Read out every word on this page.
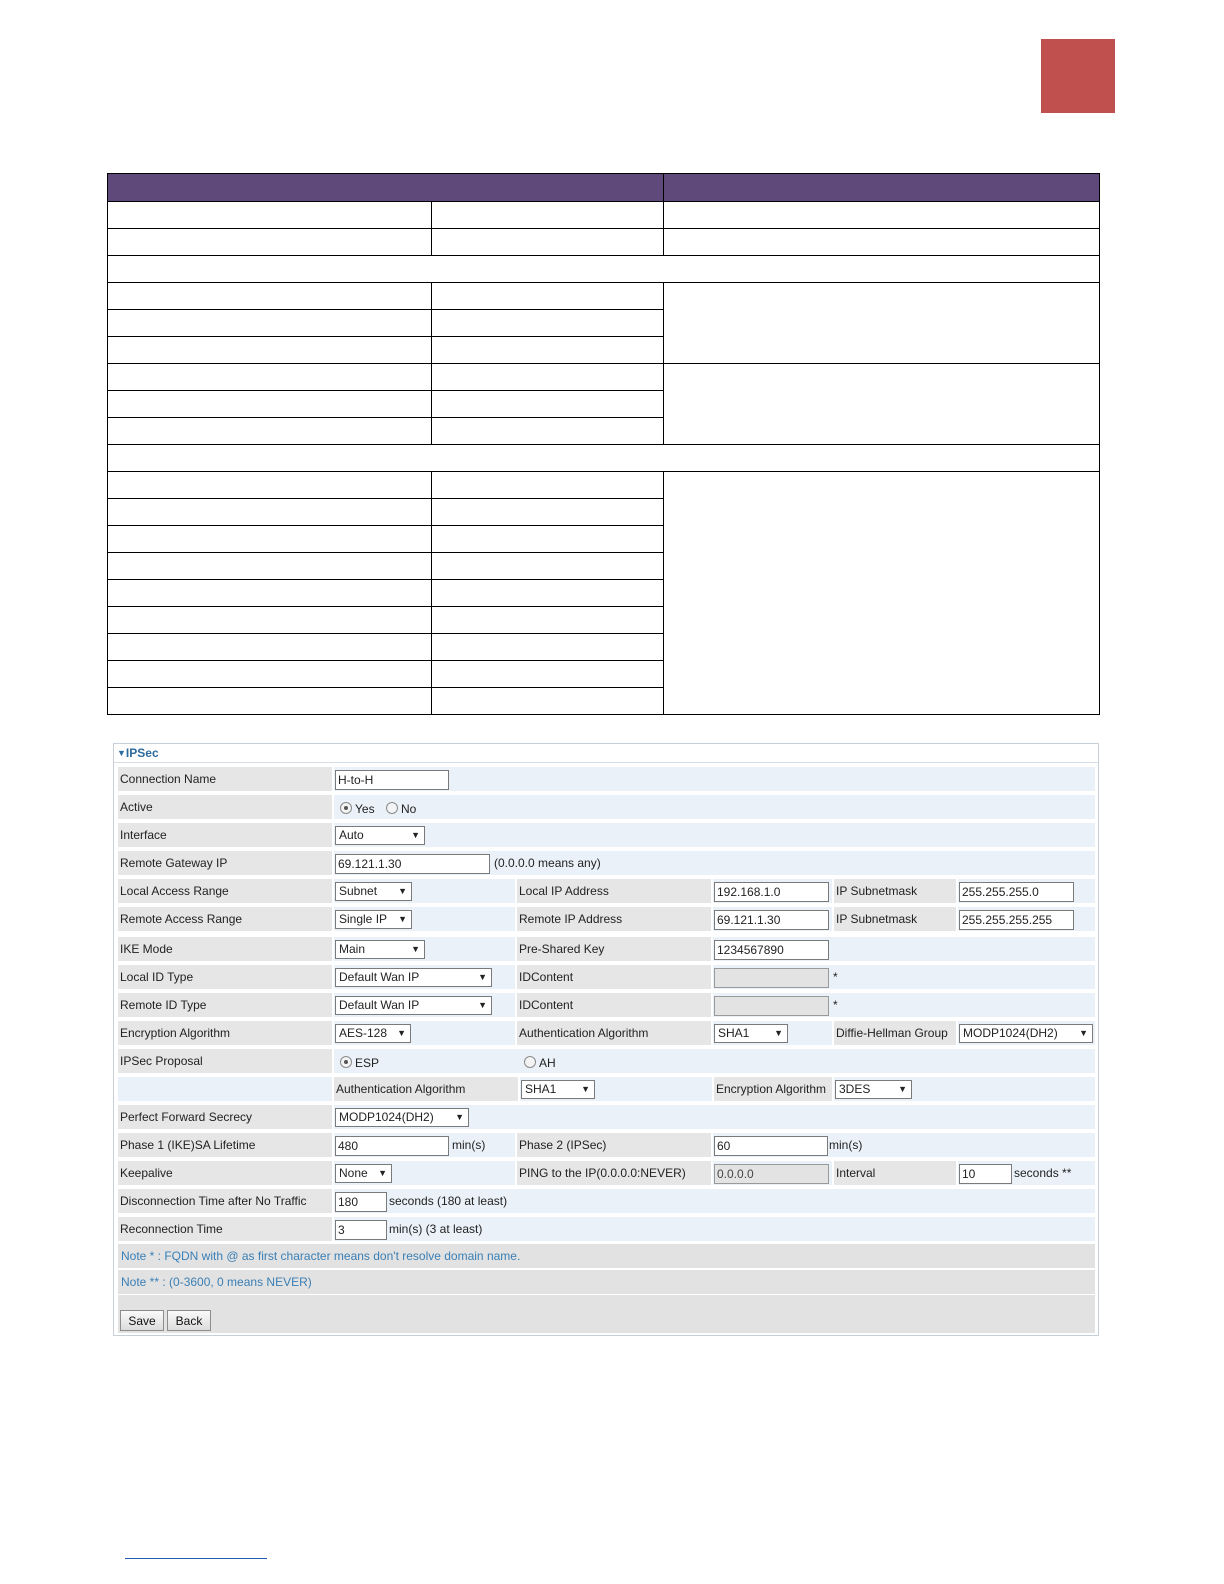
▼IPSec
Connection Name	H-to-H
Active	Yes	No
Interface	Auto	▼
Remote Gateway IP	69.121.1.30	(0.0.0.0 means any)
Local Access Range	Subnet ▼	Local IP Address	192.168.1.0	IP Subnetmask	255.255.255.0
Remote Access Range	Single IP ▼	Remote IP Address	69.121.1.30	IP Subnetmask	255.255.255.255
IKE Mode	Main	▼	Pre-Shared Key	1234567890
Local ID Type	Default Wan IP	▼	IDContent	*
Remote ID Type	Default Wan IP	▼	IDContent	*
Encryption Algorithm	AES-128 ▼	Authentication Algorithm	SHA1	▼	Diffie-Hellman Group	MODP1024(DH2) ▼
IPSec Proposal	ESP	AH
Authentication Algorithm	SHA1	▼	Encryption Algorithm	3DES	▼
Perfect Forward Secrecy	MODP1024(DH2) ▼
Phase 1 (IKE)SA Lifetime	480	min(s)	Phase 2 (IPSec)	60	min(s)
Keepalive	None ▼	PING to the IP(0.0.0.0:NEVER)	0.0.0.0	Interval	10	seconds **
Disconnection Time after No Traffic	180	seconds (180 at least)
Reconnection Time	3	min(s) (3 at least)
Note * : FQDN with @ as first character means don't resolve domain name.
Note ** : (0-3600, 0 means NEVER)
Save	Back
